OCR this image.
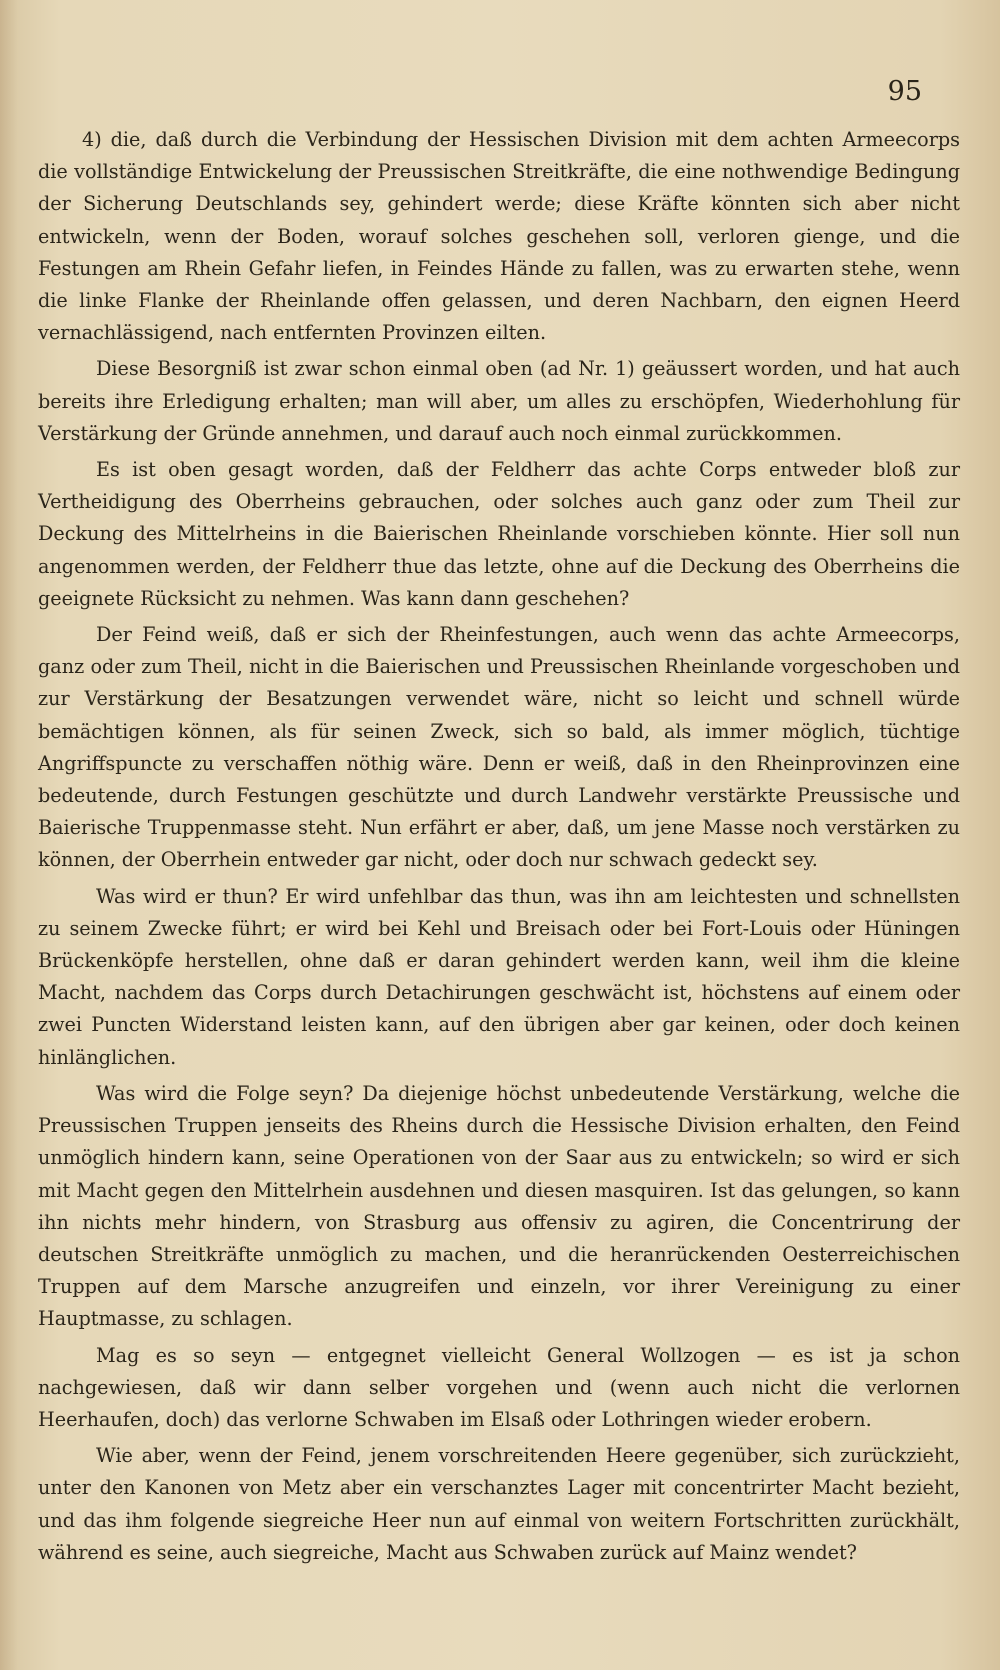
95

4) die, daß durch die Verbindung der Hessischen Division mit dem achten Armeecorps die vollständige Entwickelung der Preussischen Streitkräfte, die eine nothwendige Bedingung der Sicherung Deutschlands sey, gehindert werde; diese Kräfte könnten sich aber nicht entwickeln, wenn der Boden, worauf solches geschehen soll, verloren gienge, und die Festungen am Rhein Gefahr liefen, in Feindes Hände zu fallen, was zu erwarten stehe, wenn die linke Flanke der Rheinlande offen gelassen, und deren Nachbarn, den eignen Heerd vernachlässigend, nach entfernten Provinzen eilten.

Diese Besorgniß ist zwar schon einmal oben (ad Nr. 1) geäussert worden, und hat auch bereits ihre Erledigung erhalten; man will aber, um alles zu erschöpfen, Wiederhohlung für Verstärkung der Gründe annehmen, und darauf auch noch einmal zurückkommen.

Es ist oben gesagt worden, daß der Feldherr das achte Corps entweder bloß zur Vertheidigung des Oberrheins gebrauchen, oder solches auch ganz oder zum Theil zur Deckung des Mittelrheins in die Baierischen Rheinlande vorschieben könnte. Hier soll nun angenommen werden, der Feldherr thue das letzte, ohne auf die Deckung des Oberrheins die geeignete Rücksicht zu nehmen. Was kann dann geschehen?

Der Feind weiß, daß er sich der Rheinfestungen, auch wenn das achte Armeecorps, ganz oder zum Theil, nicht in die Baierischen und Preussischen Rheinlande vorgeschoben und zur Verstärkung der Besatzungen verwendet wäre, nicht so leicht und schnell würde bemächtigen können, als für seinen Zweck, sich so bald, als immer möglich, tüchtige Angriffspuncte zu verschaffen nöthig wäre. Denn er weiß, daß in den Rheinprovinzen eine bedeutende, durch Festungen geschützte und durch Landwehr verstärkte Preussische und Baierische Truppenmasse steht. Nun erfährt er aber, daß, um jene Masse noch verstärken zu können, der Oberrhein entweder gar nicht, oder doch nur schwach gedeckt sey.

Was wird er thun? Er wird unfehlbar das thun, was ihn am leichtesten und schnellsten zu seinem Zwecke führt; er wird bei Kehl und Breisach oder bei Fort-Louis oder Hüningen Brückenköpfe herstellen, ohne daß er daran gehindert werden kann, weil ihm die kleine Macht, nachdem das Corps durch Detachirungen geschwächt ist, höchstens auf einem oder zwei Puncten Widerstand leisten kann, auf den übrigen aber gar keinen, oder doch keinen hinlänglichen.

Was wird die Folge seyn? Da diejenige höchst unbedeutende Verstärkung, welche die Preussischen Truppen jenseits des Rheins durch die Hessische Division erhalten, den Feind unmöglich hindern kann, seine Operationen von der Saar aus zu entwickeln; so wird er sich mit Macht gegen den Mittelrhein ausdehnen und diesen masquiren. Ist das gelungen, so kann ihn nichts mehr hindern, von Strasburg aus offensiv zu agiren, die Concentrirung der deutschen Streitkräfte unmöglich zu machen, und die heranrückenden Oesterreichischen Truppen auf dem Marsche anzugreifen und einzeln, vor ihrer Vereinigung zu einer Hauptmasse, zu schlagen.

Mag es so seyn — entgegnet vielleicht General Wollzogen — es ist ja schon nachgewiesen, daß wir dann selber vorgehen und (wenn auch nicht die verlornen Heerhaufen, doch) das verlorne Schwaben im Elsaß oder Lothringen wieder erobern.

Wie aber, wenn der Feind, jenem vorschreitenden Heere gegenüber, sich zurückzieht, unter den Kanonen von Metz aber ein verschanztes Lager mit concentrirter Macht bezieht, und das ihm folgende siegreiche Heer nun auf einmal von weitern Fortschritten zurückhält, während es seine, auch siegreiche, Macht aus Schwaben zurück auf Mainz wendet?
